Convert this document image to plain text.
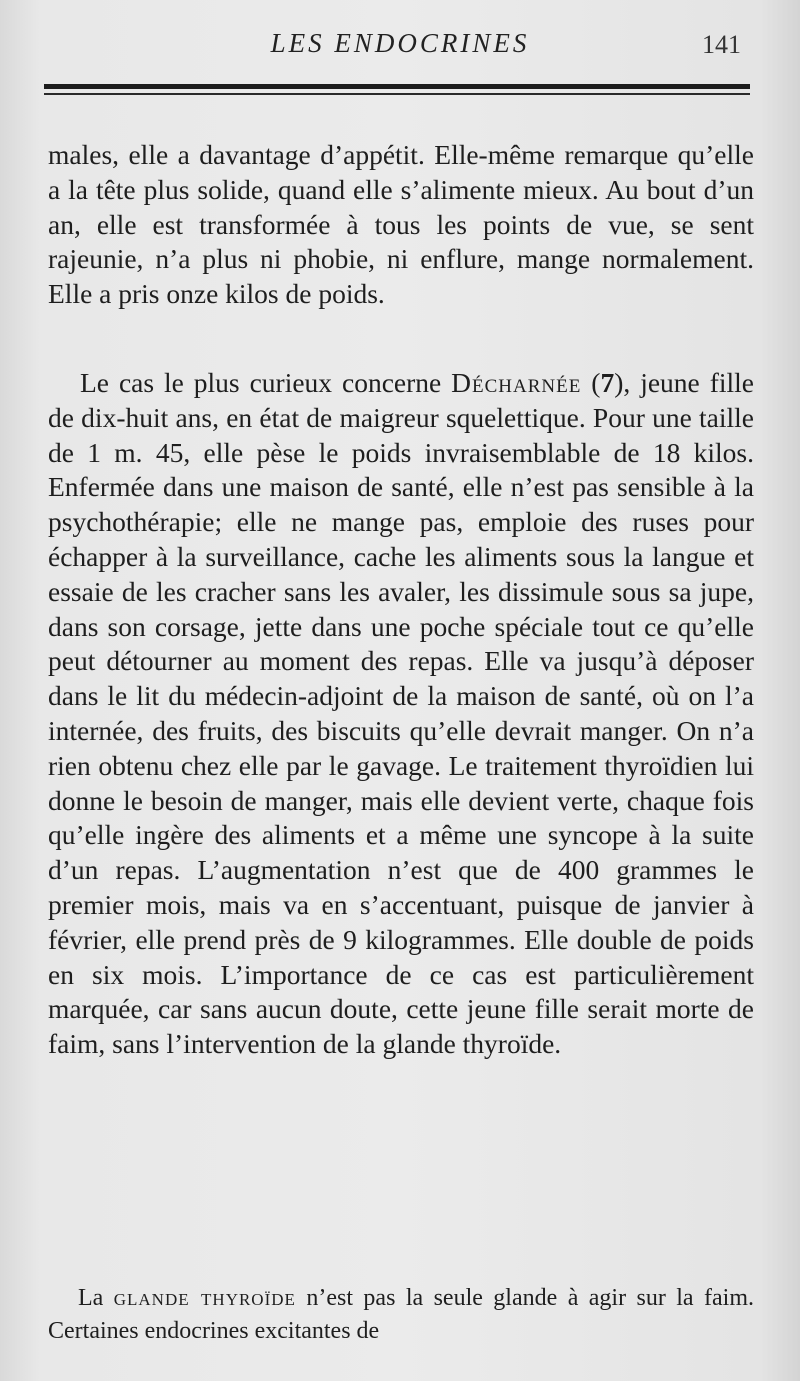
LES ENDOCRINES	141

males, elle a davantage d’appétit. Elle-même remarque qu’elle a la tête plus solide, quand elle s’alimente mieux. Au bout d’un an, elle est transformée à tous les points de vue, se sent rajeunie, n’a plus ni phobie, ni enflure, mange normalement. Elle a pris onze kilos de poids.

Le cas le plus curieux concerne Décharnée (7), jeune fille de dix-huit ans, en état de maigreur squelettique. Pour une taille de 1 m. 45, elle pèse le poids invraisemblable de 18 kilos. Enfermée dans une maison de santé, elle n’est pas sensible à la psychothérapie; elle ne mange pas, emploie des ruses pour échapper à la surveillance, cache les aliments sous la langue et essaie de les cracher sans les avaler, les dissimule sous sa jupe, dans son corsage, jette dans une poche spéciale tout ce qu’elle peut détourner au moment des repas. Elle va jusqu’à déposer dans le lit du médecin-adjoint de la maison de santé, où on l’a internée, des fruits, des biscuits qu’elle devrait manger. On n’a rien obtenu chez elle par le gavage. Le traitement thyroïdien lui donne le besoin de manger, mais elle devient verte, chaque fois qu’elle ingère des aliments et a même une syncope à la suite d’un repas. L’augmentation n’est que de 400 grammes le premier mois, mais va en s’accentuant, puisque de janvier à février, elle prend près de 9 kilogrammes. Elle double de poids en six mois. L’importance de ce cas est particulièrement marquée, car sans aucun doute, cette jeune fille serait morte de faim, sans l’intervention de la glande thyroïde.

La glande thyroïde n’est pas la seule glande à agir sur la faim. Certaines endocrines excitantes de
